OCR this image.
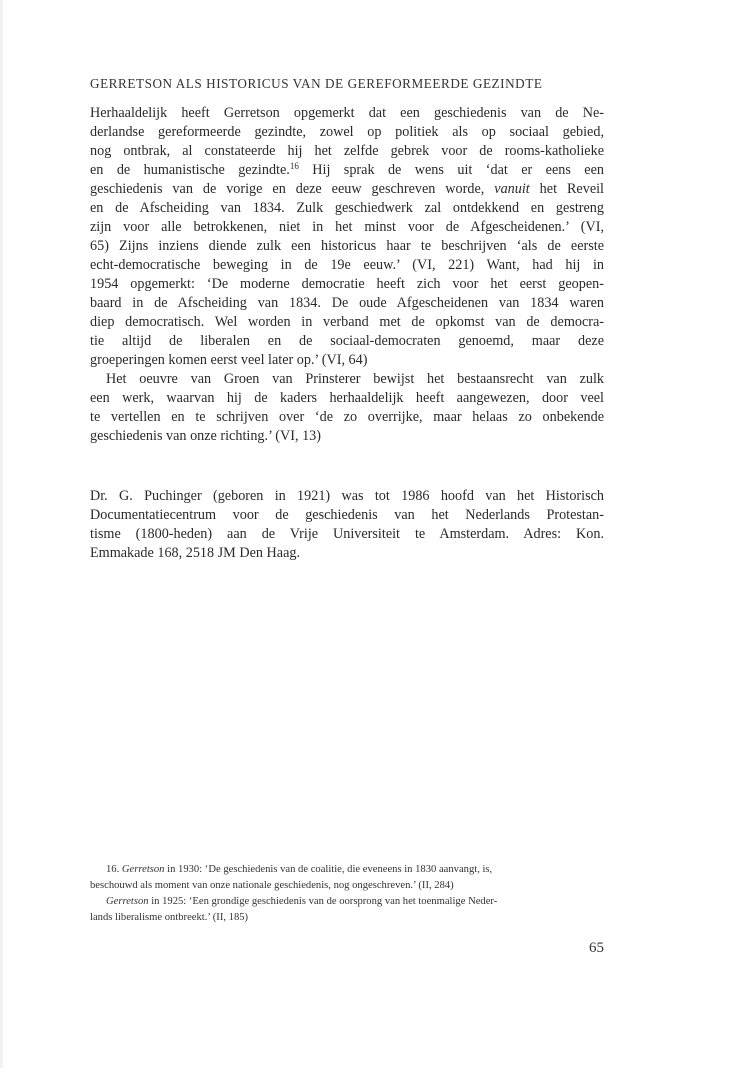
GERRETSON ALS HISTORICUS VAN DE GEREFORMEERDE GEZINDTE
Herhaaldelijk heeft Gerretson opgemerkt dat een geschiedenis van de Ne-
derlandse gereformeerde gezindte, zowel op politiek als op sociaal gebied,
nog ontbrak, al constateerde hij het zelfde gebrek voor de rooms-katholieke
en de humanistische gezindte.$^{16}$ Hij sprak de wens uit ‘dat er eens een
geschiedenis van de vorige en deze eeuw geschreven worde, vanuit het Reveil
en de Afscheiding van 1834. Zulk geschiedwerk zal ontdekkend en gestreng
zijn voor alle betrokkenen, niet in het minst voor de Afgescheidenen.’ (VI,
65) Zijns inziens diende zulk een historicus haar te beschrijven ‘als de eerste
echt-democratische beweging in de 19e eeuw.’ (VI, 221) Want, had hij in
1954 opgemerkt: ‘De moderne democratie heeft zich voor het eerst geopen-
baard in de Afscheiding van 1834. De oude Afgescheidenen van 1834 waren
diep democratisch. Wel worden in verband met de opkomst van de democra-
tie altijd de liberalen en de sociaal-democraten genoemd, maar deze
groeperingen komen eerst veel later op.’ (VI, 64)
Het oeuvre van Groen van Prinsterer bewijst het bestaansrecht van zulk
een werk, waarvan hij de kaders herhaaldelijk heeft aangewezen, door veel
te vertellen en te schrijven over ‘de zo overrijke, maar helaas zo onbekende
geschiedenis van onze richting.’ (VI, 13)
Dr. G. Puchinger (geboren in 1921) was tot 1986 hoofd van het Historisch
Documentatiecentrum voor de geschiedenis van het Nederlands Protestan-
tisme (1800-heden) aan de Vrije Universiteit te Amsterdam. Adres: Kon.
Emmakade 168, 2518 JM Den Haag.
16. Gerretson in 1930: ‘De geschiedenis van de coalitie, die eveneens in 1830 aanvangt, is,
beschouwd als moment van onze nationale geschiedenis, nog ongeschreven.’ (II, 284)
Gerretson in 1925: ‘Een grondige geschiedenis van de oorsprong van het toenmalige Neder-
lands liberalisme ontbreekt.’ (II, 185)
65
